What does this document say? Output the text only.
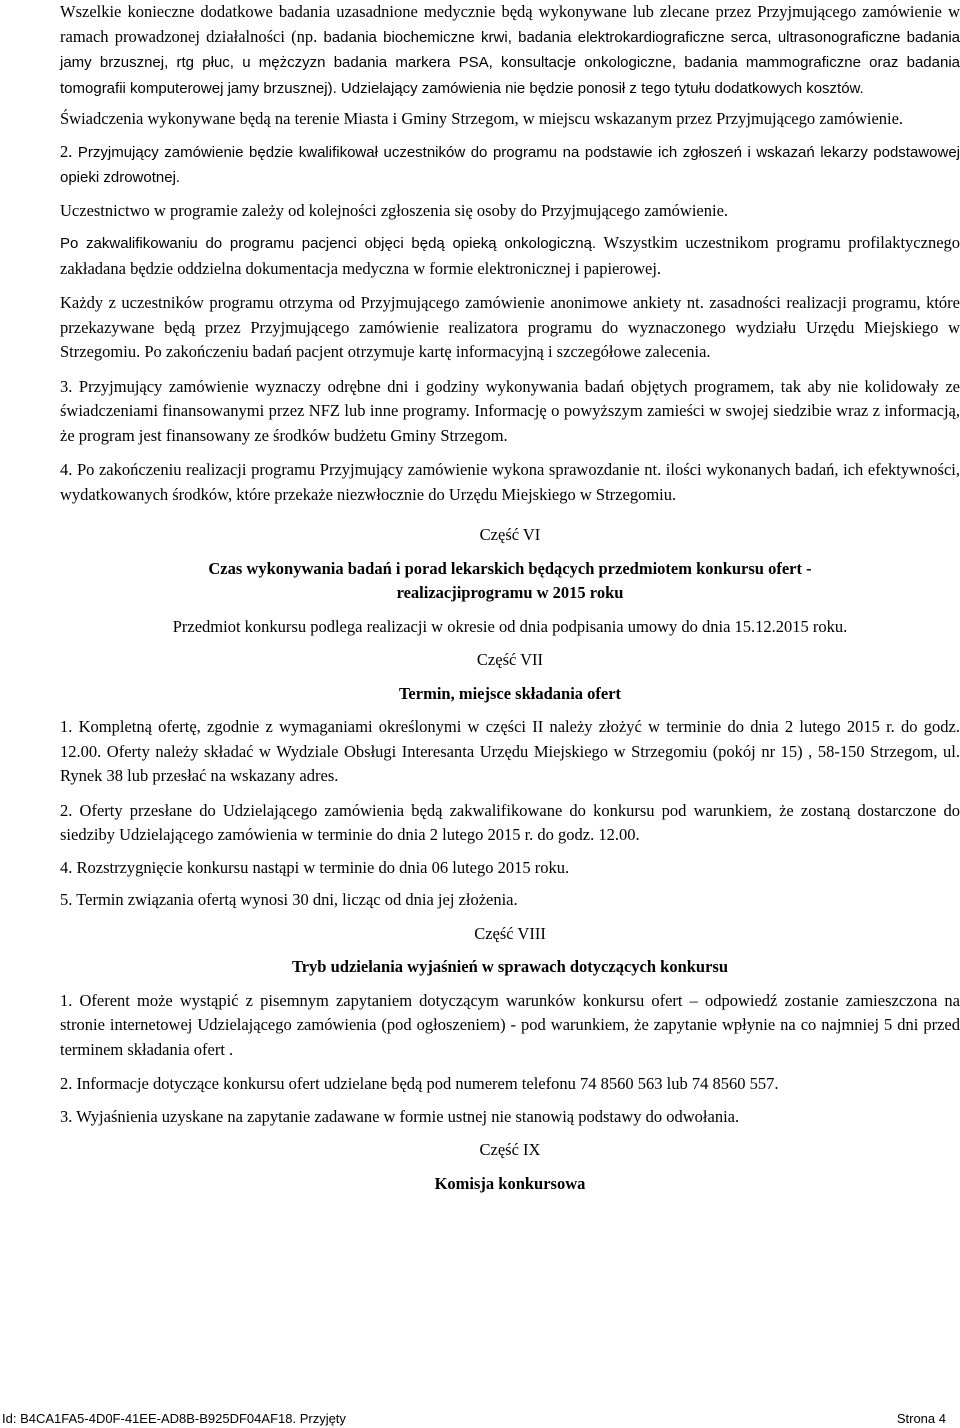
Wszelkie konieczne dodatkowe badania uzasadnione medycznie będą wykonywane lub zlecane przez Przyjmującego zamówienie w ramach prowadzonej działalności (np. badania biochemiczne krwi, badania elektrokardiograficzne serca, ultrasonograficzne badania jamy brzusznej, rtg płuc, u mężczyzn badania markera PSA, konsultacje onkologiczne, badania mammograficzne oraz badania tomografii komputerowej jamy brzusznej). Udzielający zamówienia nie będzie ponosił z tego tytułu dodatkowych kosztów.

Świadczenia wykonywane będą na terenie Miasta i Gminy Strzegom, w miejscu wskazanym przez Przyjmującego zamówienie.

2. Przyjmujący zamówienie będzie kwalifikował uczestników do programu na podstawie ich zgłoszeń i wskazań lekarzy podstawowej opieki zdrowotnej.

Uczestnictwo w programie zależy od kolejności zgłoszenia się osoby do Przyjmującego zamówienie.

Po zakwalifikowaniu do programu pacjenci objęci będą opieką onkologiczną. Wszystkim uczestnikom programu profilaktycznego zakładana będzie oddzielna dokumentacja medyczna w formie elektronicznej i papierowej.

Każdy z uczestników programu otrzyma od Przyjmującego zamówienie anonimowe ankiety nt. zasadności realizacji programu, które przekazywane będą przez Przyjmującego zamówienie realizatora programu do wyznaczonego wydziału Urzędu Miejskiego w Strzegomiu. Po zakończeniu badań pacjent otrzymuje kartę informacyjną i szczegółowe zalecenia.

3. Przyjmujący zamówienie wyznaczy odrębne dni i godziny wykonywania badań objętych programem, tak aby nie kolidowały ze świadczeniami finansowanymi przez NFZ lub inne programy. Informację o powyższym zamieści w swojej siedzibie wraz z informacją, że program jest finansowany ze środków budżetu Gminy Strzegom.

4. Po zakończeniu realizacji programu Przyjmujący zamówienie wykona sprawozdanie nt. ilości wykonanych badań, ich efektywności, wydatkowanych środków, które przekaże niezwłocznie do Urzędu Miejskiego w Strzegomiu.

Część VI

Czas wykonywania badań i porad lekarskich będących przedmiotem konkursu ofert -

realizacjiprogramu w 2015 roku

Przedmiot konkursu podlega realizacji w okresie od dnia podpisania umowy do dnia 15.12.2015 roku.

Część VII

Termin, miejsce składania ofert

1. Kompletną ofertę, zgodnie z wymaganiami określonymi w części II należy złożyć w terminie do dnia 2 lutego 2015 r. do godz. 12.00. Oferty należy składać w Wydziale Obsługi Interesanta Urzędu Miejskiego w Strzegomiu (pokój nr 15) , 58-150 Strzegom, ul. Rynek 38 lub przesłać na wskazany adres.

2. Oferty przesłane do Udzielającego zamówienia będą zakwalifikowane do konkursu pod warunkiem, że zostaną dostarczone do siedziby Udzielającego zamówienia w terminie do dnia 2 lutego 2015 r. do godz. 12.00.

4. Rozstrzygnięcie konkursu nastąpi w terminie do dnia 06 lutego 2015 roku.

5. Termin związania ofertą wynosi 30 dni, licząc od dnia jej złożenia.

Część VIII

Tryb udzielania wyjaśnień w sprawach dotyczących konkursu

1. Oferent może wystąpić z pisemnym zapytaniem dotyczącym warunków konkursu ofert – odpowiedź zostanie zamieszczona na stronie internetowej Udzielającego zamówienia (pod ogłoszeniem) - pod warunkiem, że zapytanie wpłynie na co najmniej 5 dni przed terminem składania ofert .

2. Informacje dotyczące konkursu ofert udzielane będą pod numerem telefonu 74 8560 563 lub 74 8560 557.

3. Wyjaśnienia uzyskane na zapytanie zadawane w formie ustnej nie stanowią podstawy do odwołania.

Część IX

Komisja konkursowa

Id: B4CA1FA5-4D0F-41EE-AD8B-B925DF04AF18. Przyjęty	Strona 4
